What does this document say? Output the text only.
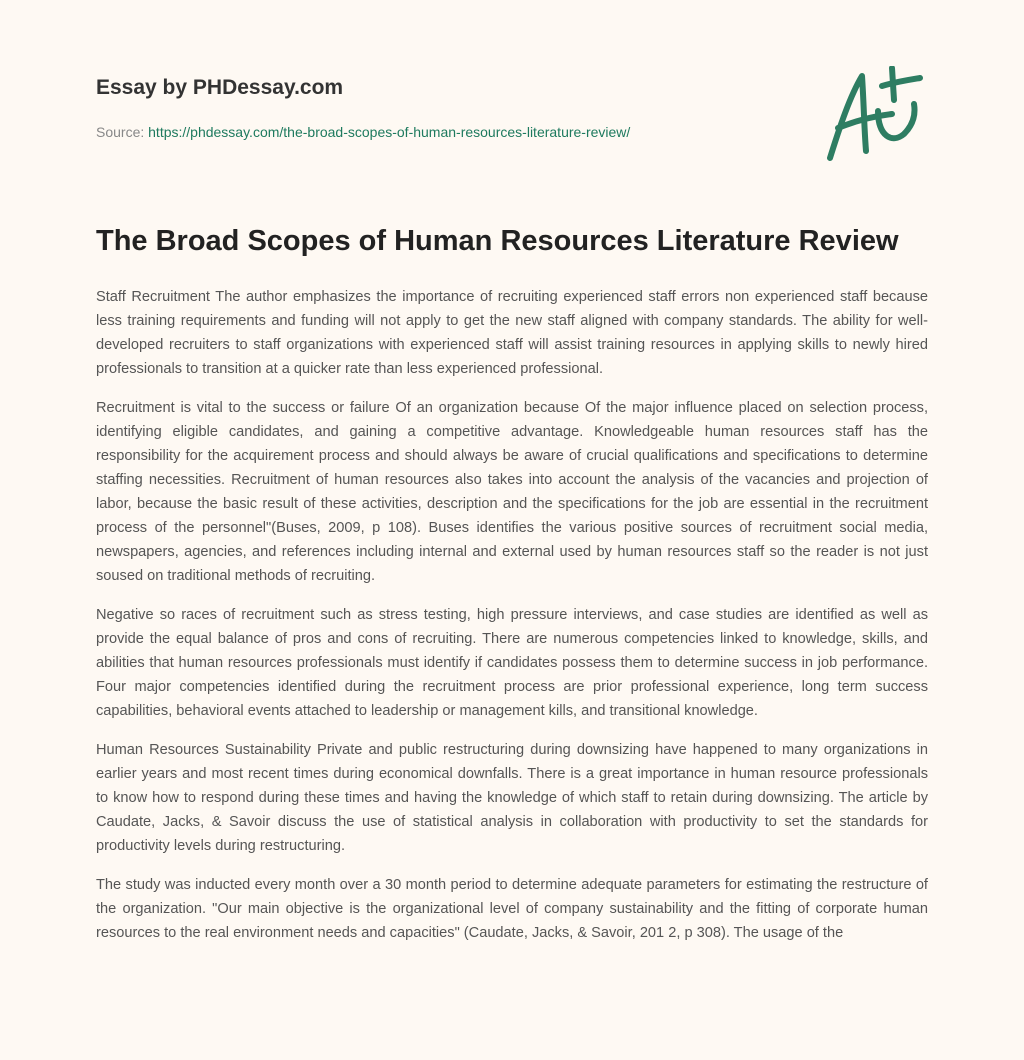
Essay by PHDessay.com

Source: https://phdessay.com/the-broad-scopes-of-human-resources-literature-review/
The Broad Scopes of Human Resources Literature Review

Staff Recruitment The author emphasizes the importance of recruiting experienced staff errors non experienced staff because less training requirements and funding will not apply to get the new staff aligned with company standards. The ability for well-developed recruiters to staff organizations with experienced staff will assist training resources in applying skills to newly hired professionals to transition at a quicker rate than less experienced professional.

Recruitment is vital to the success or failure Of an organization because Of the major influence placed on selection process, identifying eligible candidates, and gaining a competitive advantage. Knowledgeable human resources staff has the responsibility for the acquirement process and should always be aware of crucial qualifications and specifications to determine staffing necessities. Recruitment of human resources also takes into account the analysis of the vacancies and projection of labor, because the basic result of these activities, description and the specifications for the job are essential in the recruitment process of the personnel"(Buses, 2009, p 108). Buses identifies the various positive sources of recruitment social media, newspapers, agencies, and references including internal and external used by human resources staff so the reader is not just soused on traditional methods of recruiting.

Negative so races of recruitment such as stress testing, high pressure interviews, and case studies are identified as well as provide the equal balance of pros and cons of recruiting. There are numerous competencies linked to knowledge, skills, and abilities that human resources professionals must identify if candidates possess them to determine success in job performance. Four major competencies identified during the recruitment process are prior professional experience, long term success capabilities, behavioral events attached to leadership or management kills, and transitional knowledge.

Human Resources Sustainability Private and public restructuring during downsizing have happened to many organizations in earlier years and most recent times during economical downfalls. There is a great importance in human resource professionals to know how to respond during these times and having the knowledge of which staff to retain during downsizing. The article by Caudate, Jacks, & Savoir discuss the use of statistical analysis in collaboration with productivity to set the standards for productivity levels during restructuring.

The study was inducted every month over a 30 month period to determine adequate parameters for estimating the restructure of the organization. "Our main objective is the organizational level of company sustainability and the fitting of corporate human resources to the real environment needs and capacities" (Caudate, Jacks, & Savoir, 201 2, p 308). The usage of the
